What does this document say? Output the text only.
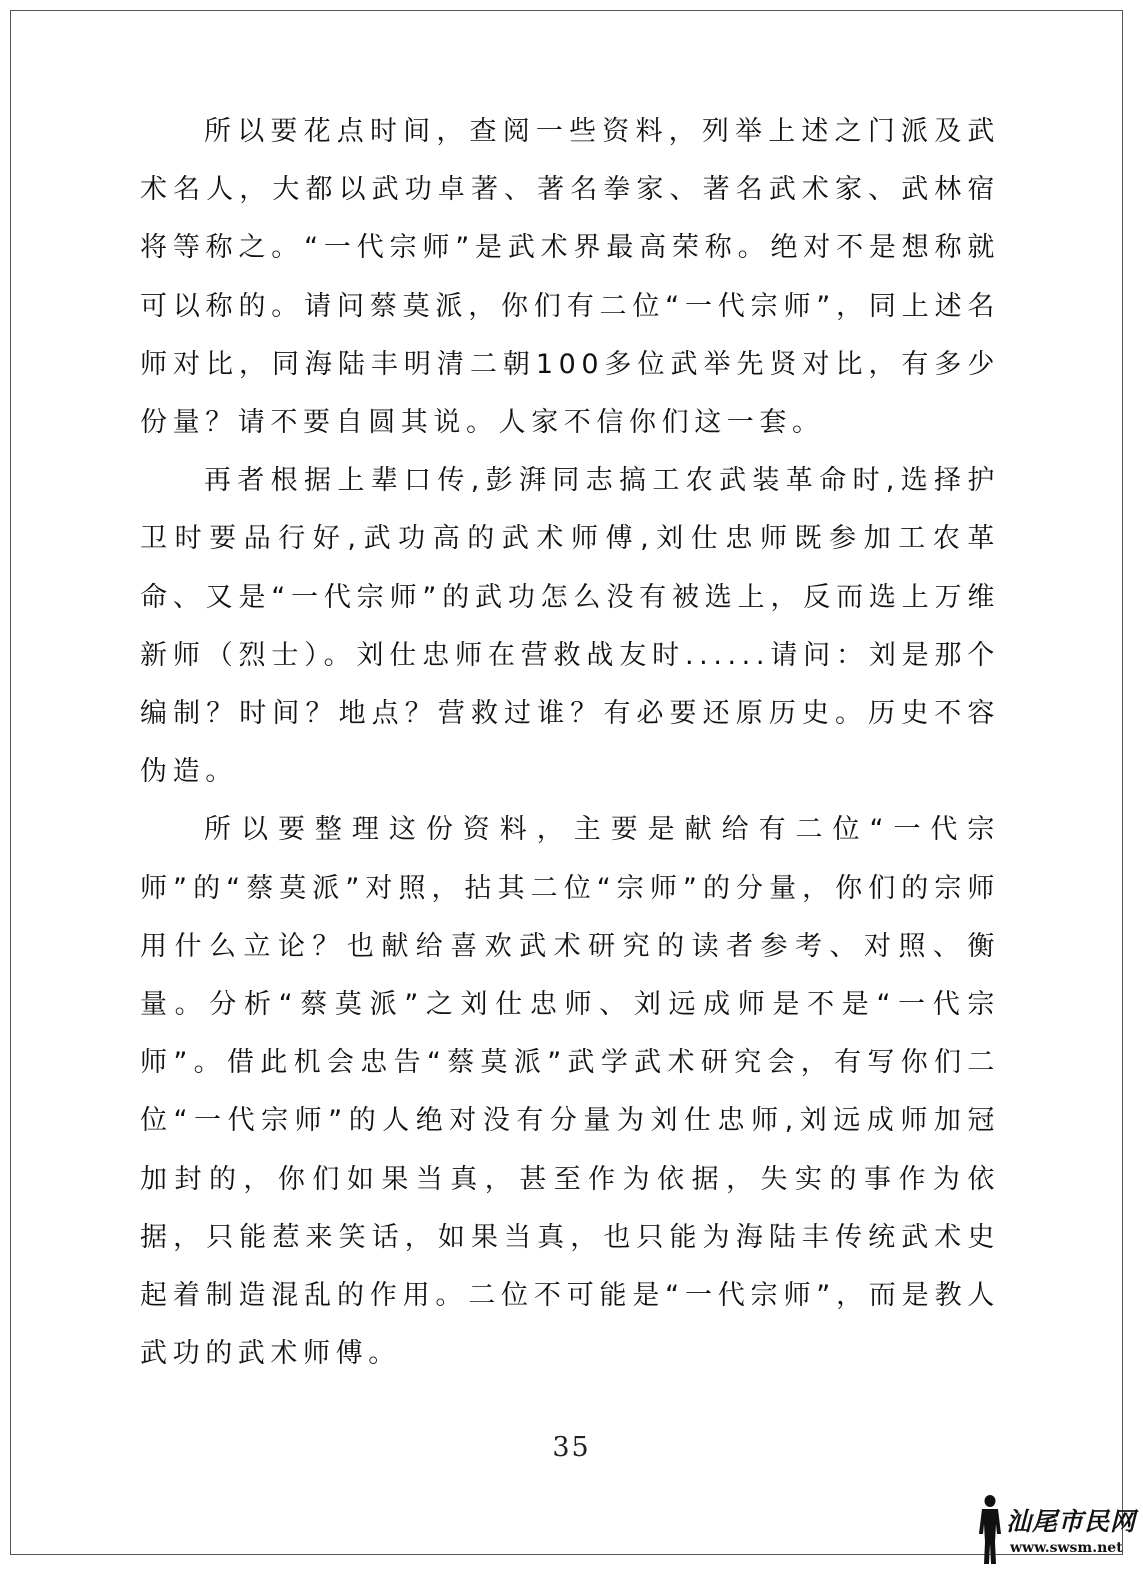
所以要花点时间，查阅一些资料，列举上述之门派及武术名人，大都以武功卓著、著名拳家、著名武术家、武林宿将等称之。“一代宗师”是武术界最高荣称。绝对不是想称就可以称的。请问蔡莫派，你们有二位“一代宗师”，同上述名师对比，同海陆丰明清二朝100多位武举先贤对比，有多少份量？请不要自圆其说。人家不信你们这一套。

再者根据上辈口传,彭湃同志搞工农武装革命时,选择护卫时要品行好,武功高的武术师傅,刘仕忠师既参加工农革命、又是“一代宗师”的武功怎么没有被选上，反而选上万维新师（烈士）。刘仕忠师在营救战友时......请问：刘是那个编制？时间？地点？营救过谁？有必要还原历史。历史不容伪造。

所以要整理这份资料，主要是献给有二位“一代宗师”的“蔡莫派”对照，拈其二位“宗师”的分量，你们的宗师用什么立论？也献给喜欢武术研究的读者参考、对照、衡量。分析“蔡莫派”之刘仕忠师、刘远成师是不是“一代宗师”。借此机会忠告“蔡莫派”武学武术研究会，有写你们二位“一代宗师”的人绝对没有分量为刘仕忠师,刘远成师加冠加封的，你们如果当真，甚至作为依据，失实的事作为依据，只能惹来笑话，如果当真，也只能为海陆丰传统武术史起着制造混乱的作用。二位不可能是“一代宗师”，而是教人武功的武术师傅。

35
汕尾市民网
www.swsm.net
